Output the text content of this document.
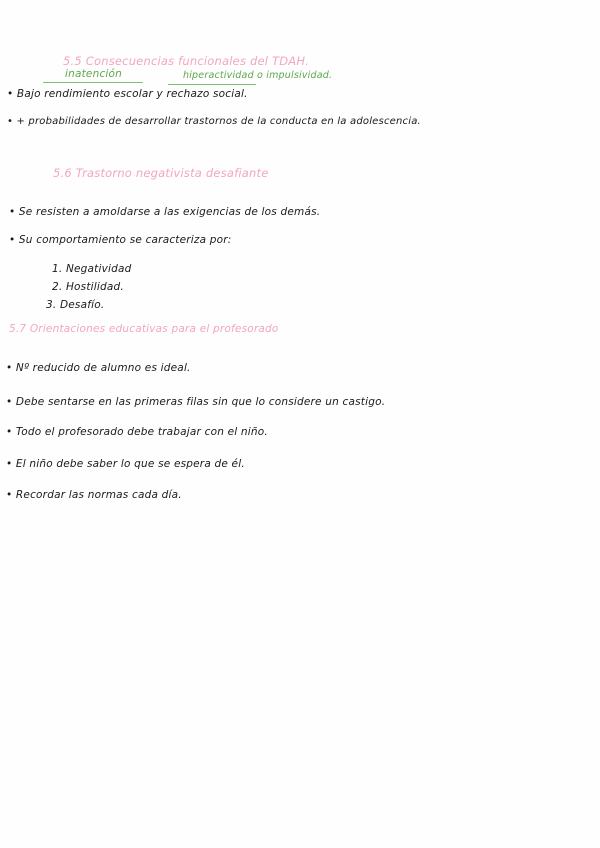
5.5 Consecuencias funcionales del TDAH.
inatención	hiperactividad o impulsividad.
• Bajo rendimiento escolar y rechazo social.
• + probabilidades de desarrollar trastornos de la conducta en la adolescencia.
5.6 Trastorno negativista desafiante
• Se resisten a amoldarse a las exigencias de los demás.
• Su comportamiento se caracteriza por:
1. Negatividad
2. Hostilidad.
3. Desafío.
5.7 Orientaciones educativas para el profesorado
• Nº reducido de alumno es ideal.
• Debe sentarse en las primeras filas sin que lo considere un castigo.
• Todo el profesorado debe trabajar con el niño.
• El niño debe saber lo que se espera de él.
• Recordar las normas cada día.
